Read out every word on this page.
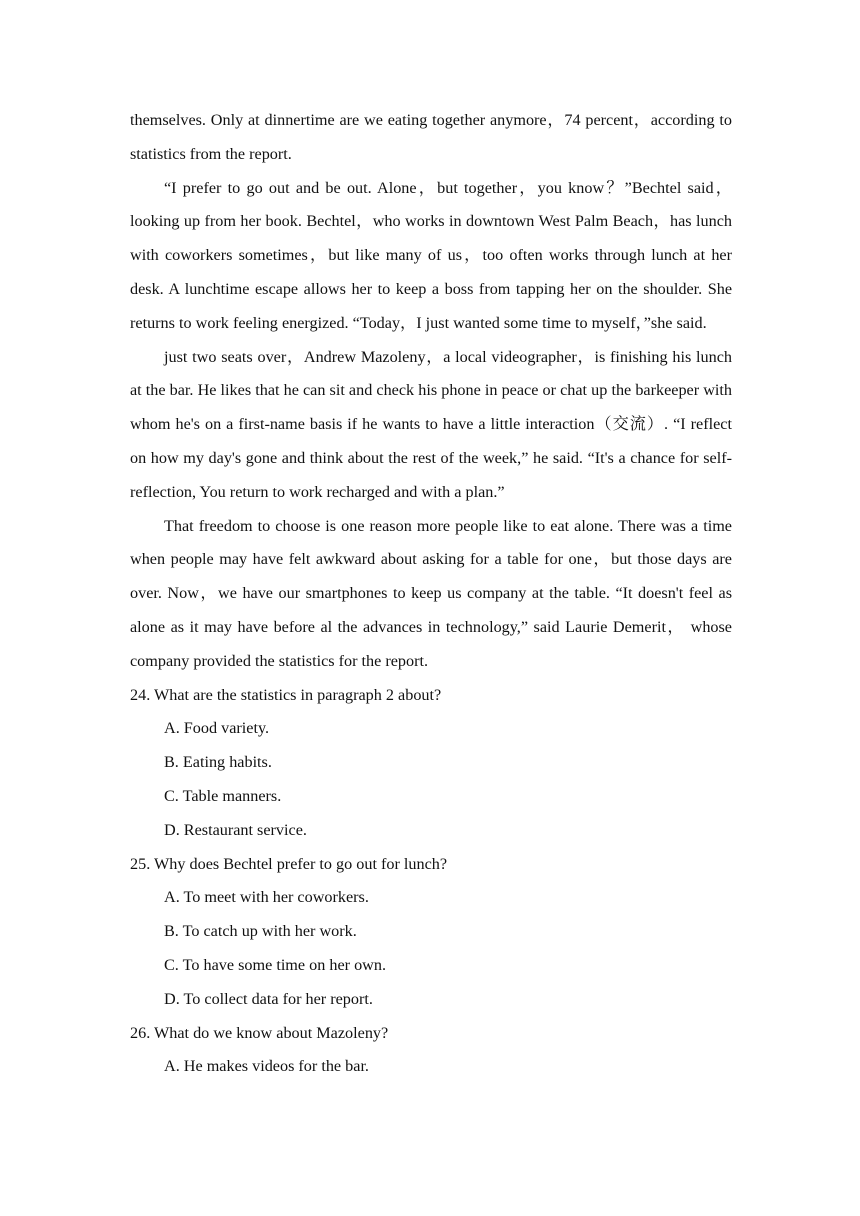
themselves. Only at dinnertime are we eating together anymore，74 percent，according to statistics from the report.

“I prefer to go out and be out. Alone，but together，you know？”Bechtel said，looking up from her book. Bechtel，who works in downtown West Palm Beach，has lunch with coworkers sometimes，but like many of us，too often works through lunch at her desk. A lunchtime escape allows her to keep a boss from tapping her on the shoulder. She returns to work feeling energized. “Today，I just wanted some time to myself，”she said.

just two seats over，Andrew Mazoleny，a local videographer，is finishing his lunch at the bar. He likes that he can sit and check his phone in peace or chat up the barkeeper with whom he's on a first-name basis if he wants to have a little interaction（交流）. “I reflect on how my day's gone and think about the rest of the week,” he said. “It's a chance for self-reflection, You return to work recharged and with a plan.”

That freedom to choose is one reason more people like to eat alone. There was a time when people may have felt awkward about asking for a table for one，but those days are over. Now，we have our smartphones to keep us company at the table. “It doesn't feel as alone as it may have before al the advances in technology,” said Laurie Demerit， whose company provided the statistics for the report.

24. What are the statistics in paragraph 2 about?
A. Food variety.
B. Eating habits.
C. Table manners.
D. Restaurant service.
25. Why does Bechtel prefer to go out for lunch?
A. To meet with her coworkers.
B. To catch up with her work.
C. To have some time on her own.
D. To collect data for her report.
26. What do we know about Mazoleny?
A. He makes videos for the bar.
